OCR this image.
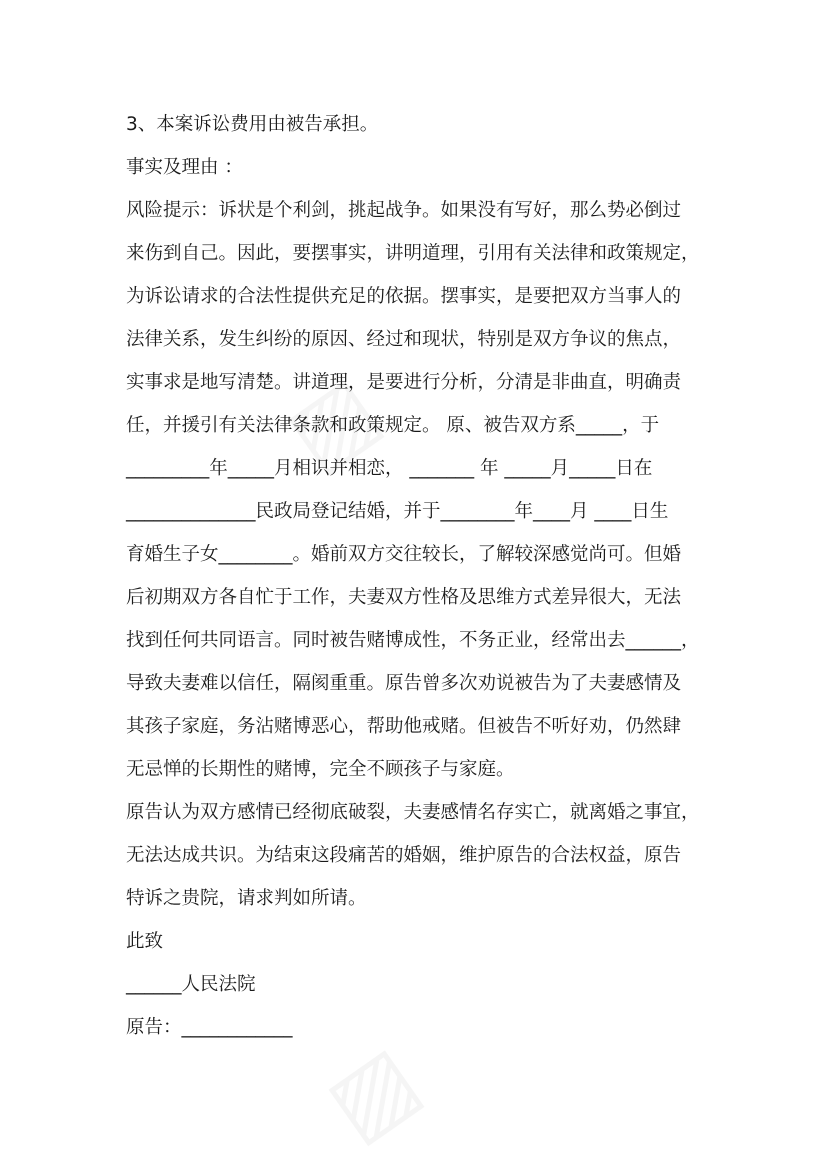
▨
▨
3、本案诉讼费用由被告承担。
事实及理由 ：
风险提示：诉状是个利剑，挑起战争。如果没有写好，那么势必倒过
来伤到自己。因此，要摆事实，讲明道理，引用有关法律和政策规定，
为诉讼请求的合法性提供充足的依据。摆事实，是要把双方当事人的
法律关系，发生纠纷的原因、经过和现状，特别是双方争议的焦点，
实事求是地写清楚。讲道理，是要进行分析，分清是非曲直，明确责
任，并援引有关法律条款和政策规定。 原、被告双方系_____，于
_________年_____月相识并相恋， _______ 年 _____月_____日在
______________民政局登记结婚，并于________年____月 ____日生
育婚生子女________。婚前双方交往较长，了解较深感觉尚可。但婚
后初期双方各自忙于工作，夫妻双方性格及思维方式差异很大，无法
找到任何共同语言。同时被告赌博成性，不务正业，经常出去______，
导致夫妻难以信任，隔阂重重。原告曾多次劝说被告为了夫妻感情及
其孩子家庭，务沾赌博恶心，帮助他戒赌。但被告不听好劝，仍然肆
无忌惮的长期性的赌博，完全不顾孩子与家庭。
原告认为双方感情已经彻底破裂，夫妻感情名存实亡，就离婚之事宜，
无法达成共识。为结束这段痛苦的婚姻，维护原告的合法权益，原告
特诉之贵院，请求判如所请。
此致
______人民法院
原告：____________
